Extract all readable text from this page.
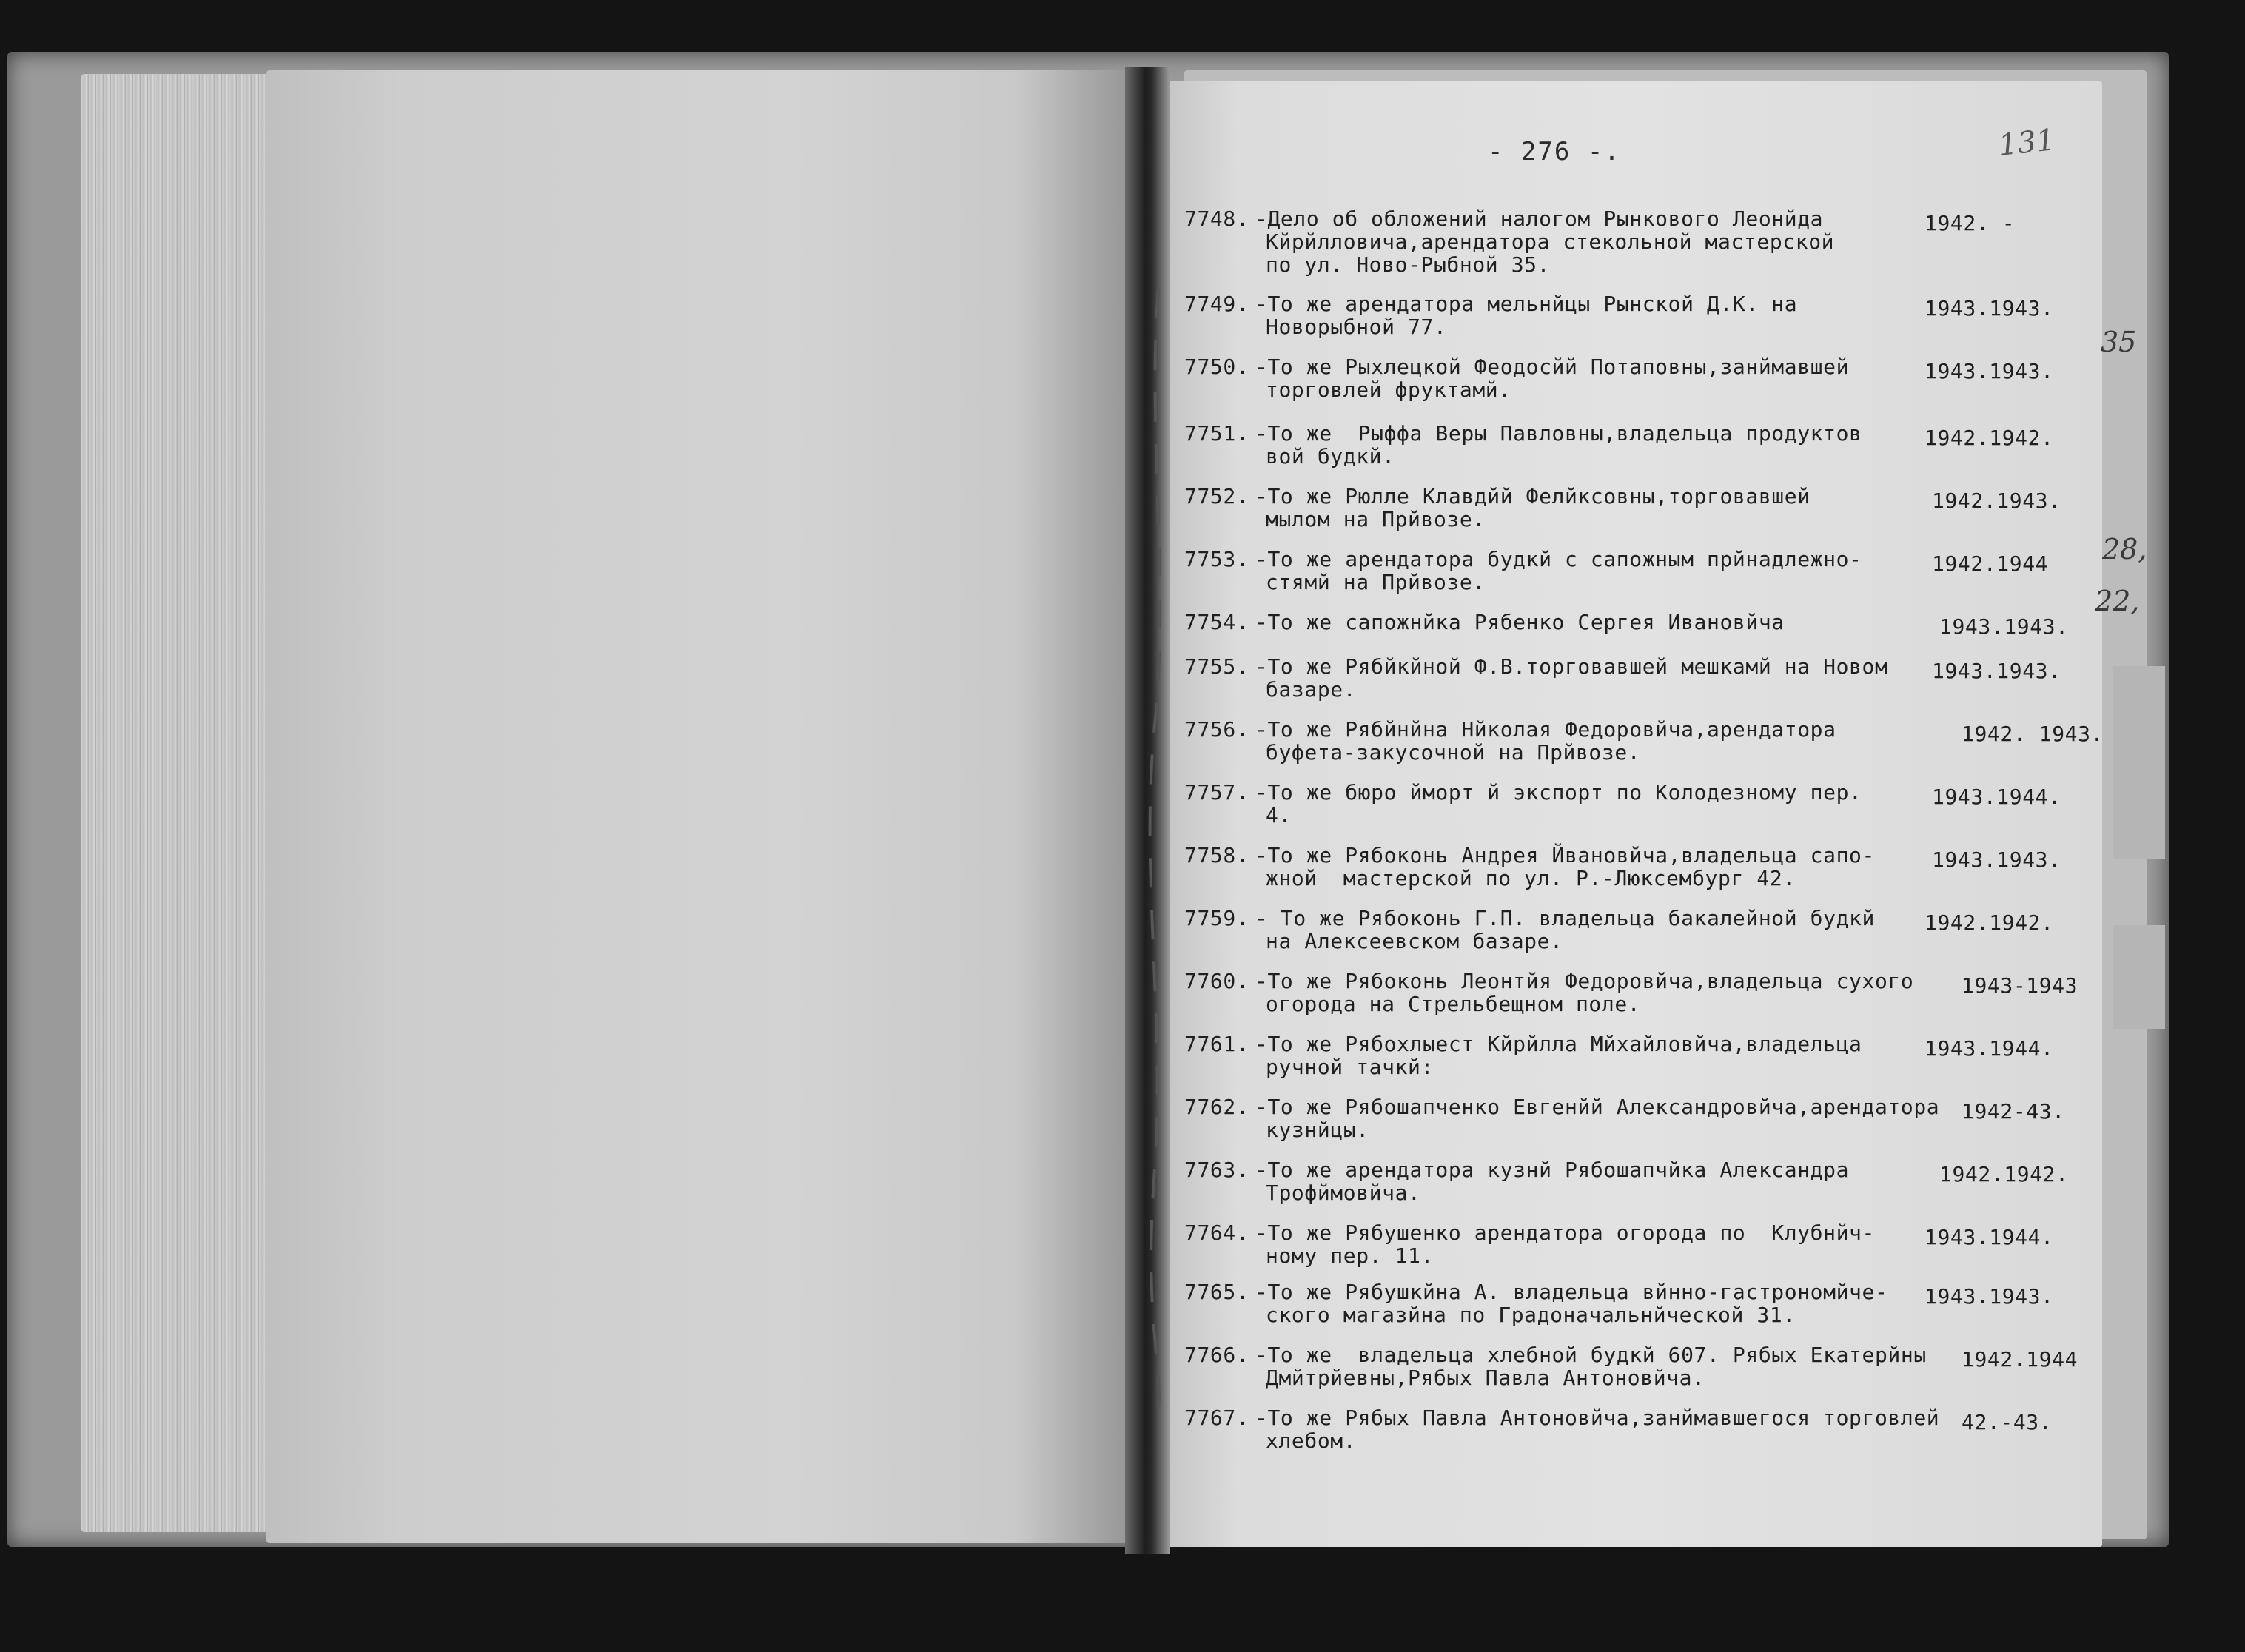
- 276 -.	131
35
28,
22,
7748. -Дело об обложений налогом Рынкового Леонйда
Кйрйлловича,арендатора стекольной мастерской
по ул. Ново-Рыбной 35.
1942. -
7749. -То же арендатора мельнйцы Рынской Д.К. на
Новорыбной 77.
1943.1943.
7750. -То же Рыхлецкой Феодосйй Потаповны,занймавшей
торговлей фруктамй.
1943.1943.
7751. -То же  Рыффа Веры Павловны,владельца продуктов
вой будкй.
1942.1942.
7752. -То же Рюлле Клавдйй Фелйксовны,торговавшей
мылом на Прйвозе.
1942.1943.
7753. -То же арендатора будкй с сапожным прйнадлежно-
стямй на Прйвозе.
1942.1944
7754. -То же сапожнйка Рябенко Сергея Ивановйча	1943.1943.
7755. -То же Рябйкйной Ф.В.торговавшей мешкамй на Новом
базаре.
1943.1943.
7756. -То же Рябйнйна Нйколая Федоровйча,арендатора
буфета-закусочной на Прйвозе.
1942. 1943.
7757. -То же бюро йморт й экспорт по Колодезному пер.
4.
1943.1944.
7758. -То же Рябоконь Андрея Йвановйча,владельца сапо-
жной  мастерской по ул. Р.-Люксембург 42.
1943.1943.
7759. - То же Рябоконь Г.П. владельца бакалейной будкй
на Алексеевском базаре.
1942.1942.
7760. -То же Рябоконь Леонтйя Федоровйча,владельца сухого
огорода на Стрельбещном поле.
1943-1943
7761. -То же Рябохлыест Кйрйлла Мйхайловйча,владельца
ручной тачкй:
1943.1944.
7762. -То же Рябошапченко Евгенйй Александровйча,арендатора
кузнйцы.
1942-43.
7763. -То же арендатора кузнй Рябошапчйка Александра
Трофймовйча.
1942.1942.
7764. -То же Рябушенко арендатора огорода по  Клубнйч-
ному пер. 11.
1943.1944.
7765. -То же Рябушкйна А. владельца вйнно-гастрономйче-
ского магазйна по Градоначальнйческой 31.
1943.1943.
7766. -То же  владельца хлебной будкй 607. Рябых Екатерйны
Дмйтрйевны,Рябых Павла Антоновйча.
1942.1944
7767. -То же Рябых Павла Антоновйча,занймавшегося торговлей
хлебом.
42.-43.
